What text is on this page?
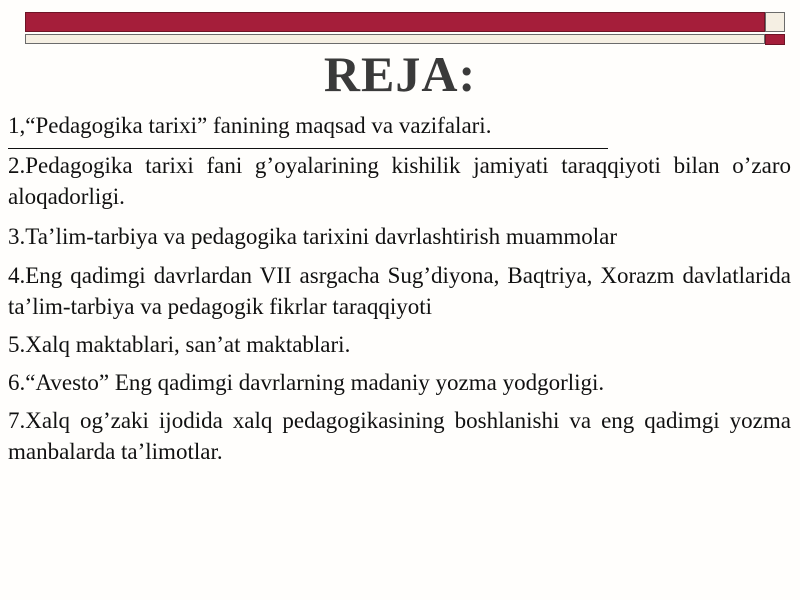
REJA:

1,“Pedagogika tarixi” fanining maqsad va vazifalari.

2.Pedagogika tarixi fani g’oyalarining kishilik jamiyati taraqqiyoti bilan o’zaro aloqadorligi.

3.Ta’lim-tarbiya va pedagogika tarixini davrlashtirish muammolar

4.Eng qadimgi davrlardan VII asrgacha Sug’diyona, Baqtriya, Xorazm davlatlarida ta’lim-tarbiya va pedagogik fikrlar taraqqiyoti

5.Xalq maktablari, san’at maktablari.

6.“Avesto” Eng qadimgi davrlarning madaniy yozma yodgorligi.

7.Xalq og’zaki ijodida xalq pedagogikasining boshlanishi va eng qadimgi yozma manbalarda ta’limotlar.
